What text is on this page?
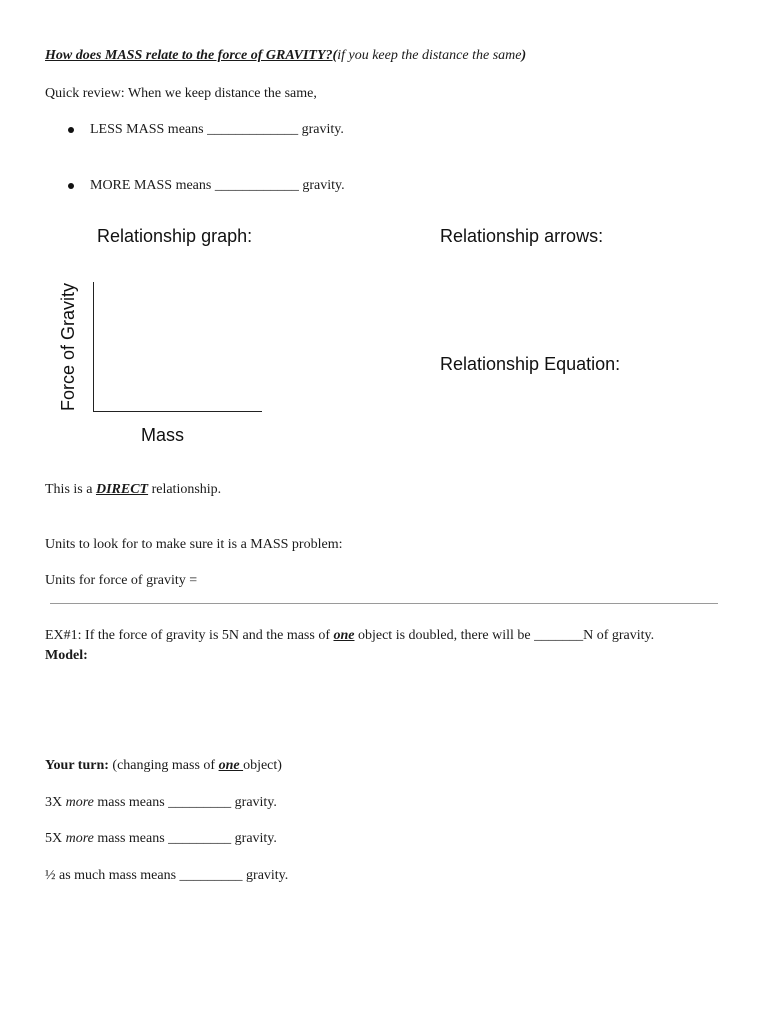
How does MASS relate to the force of GRAVITY?(if you keep the distance the same)
Quick review: When we keep distance the same,
LESS MASS means _____________ gravity.
MORE MASS means ____________ gravity.
Relationship graph:
Force of Gravity
Mass
Relationship arrows:
Relationship Equation:
This is a DIRECT relationship.
Units to look for to make sure it is a MASS problem:
Units for force of gravity =
EX#1: If the force of gravity is 5N and the mass of one object is doubled, there will be _______N of gravity.
Model:
Your turn: (changing mass of one object)
3X more mass means _________ gravity.
5X more mass means _________ gravity.
½ as much mass means _________ gravity.
